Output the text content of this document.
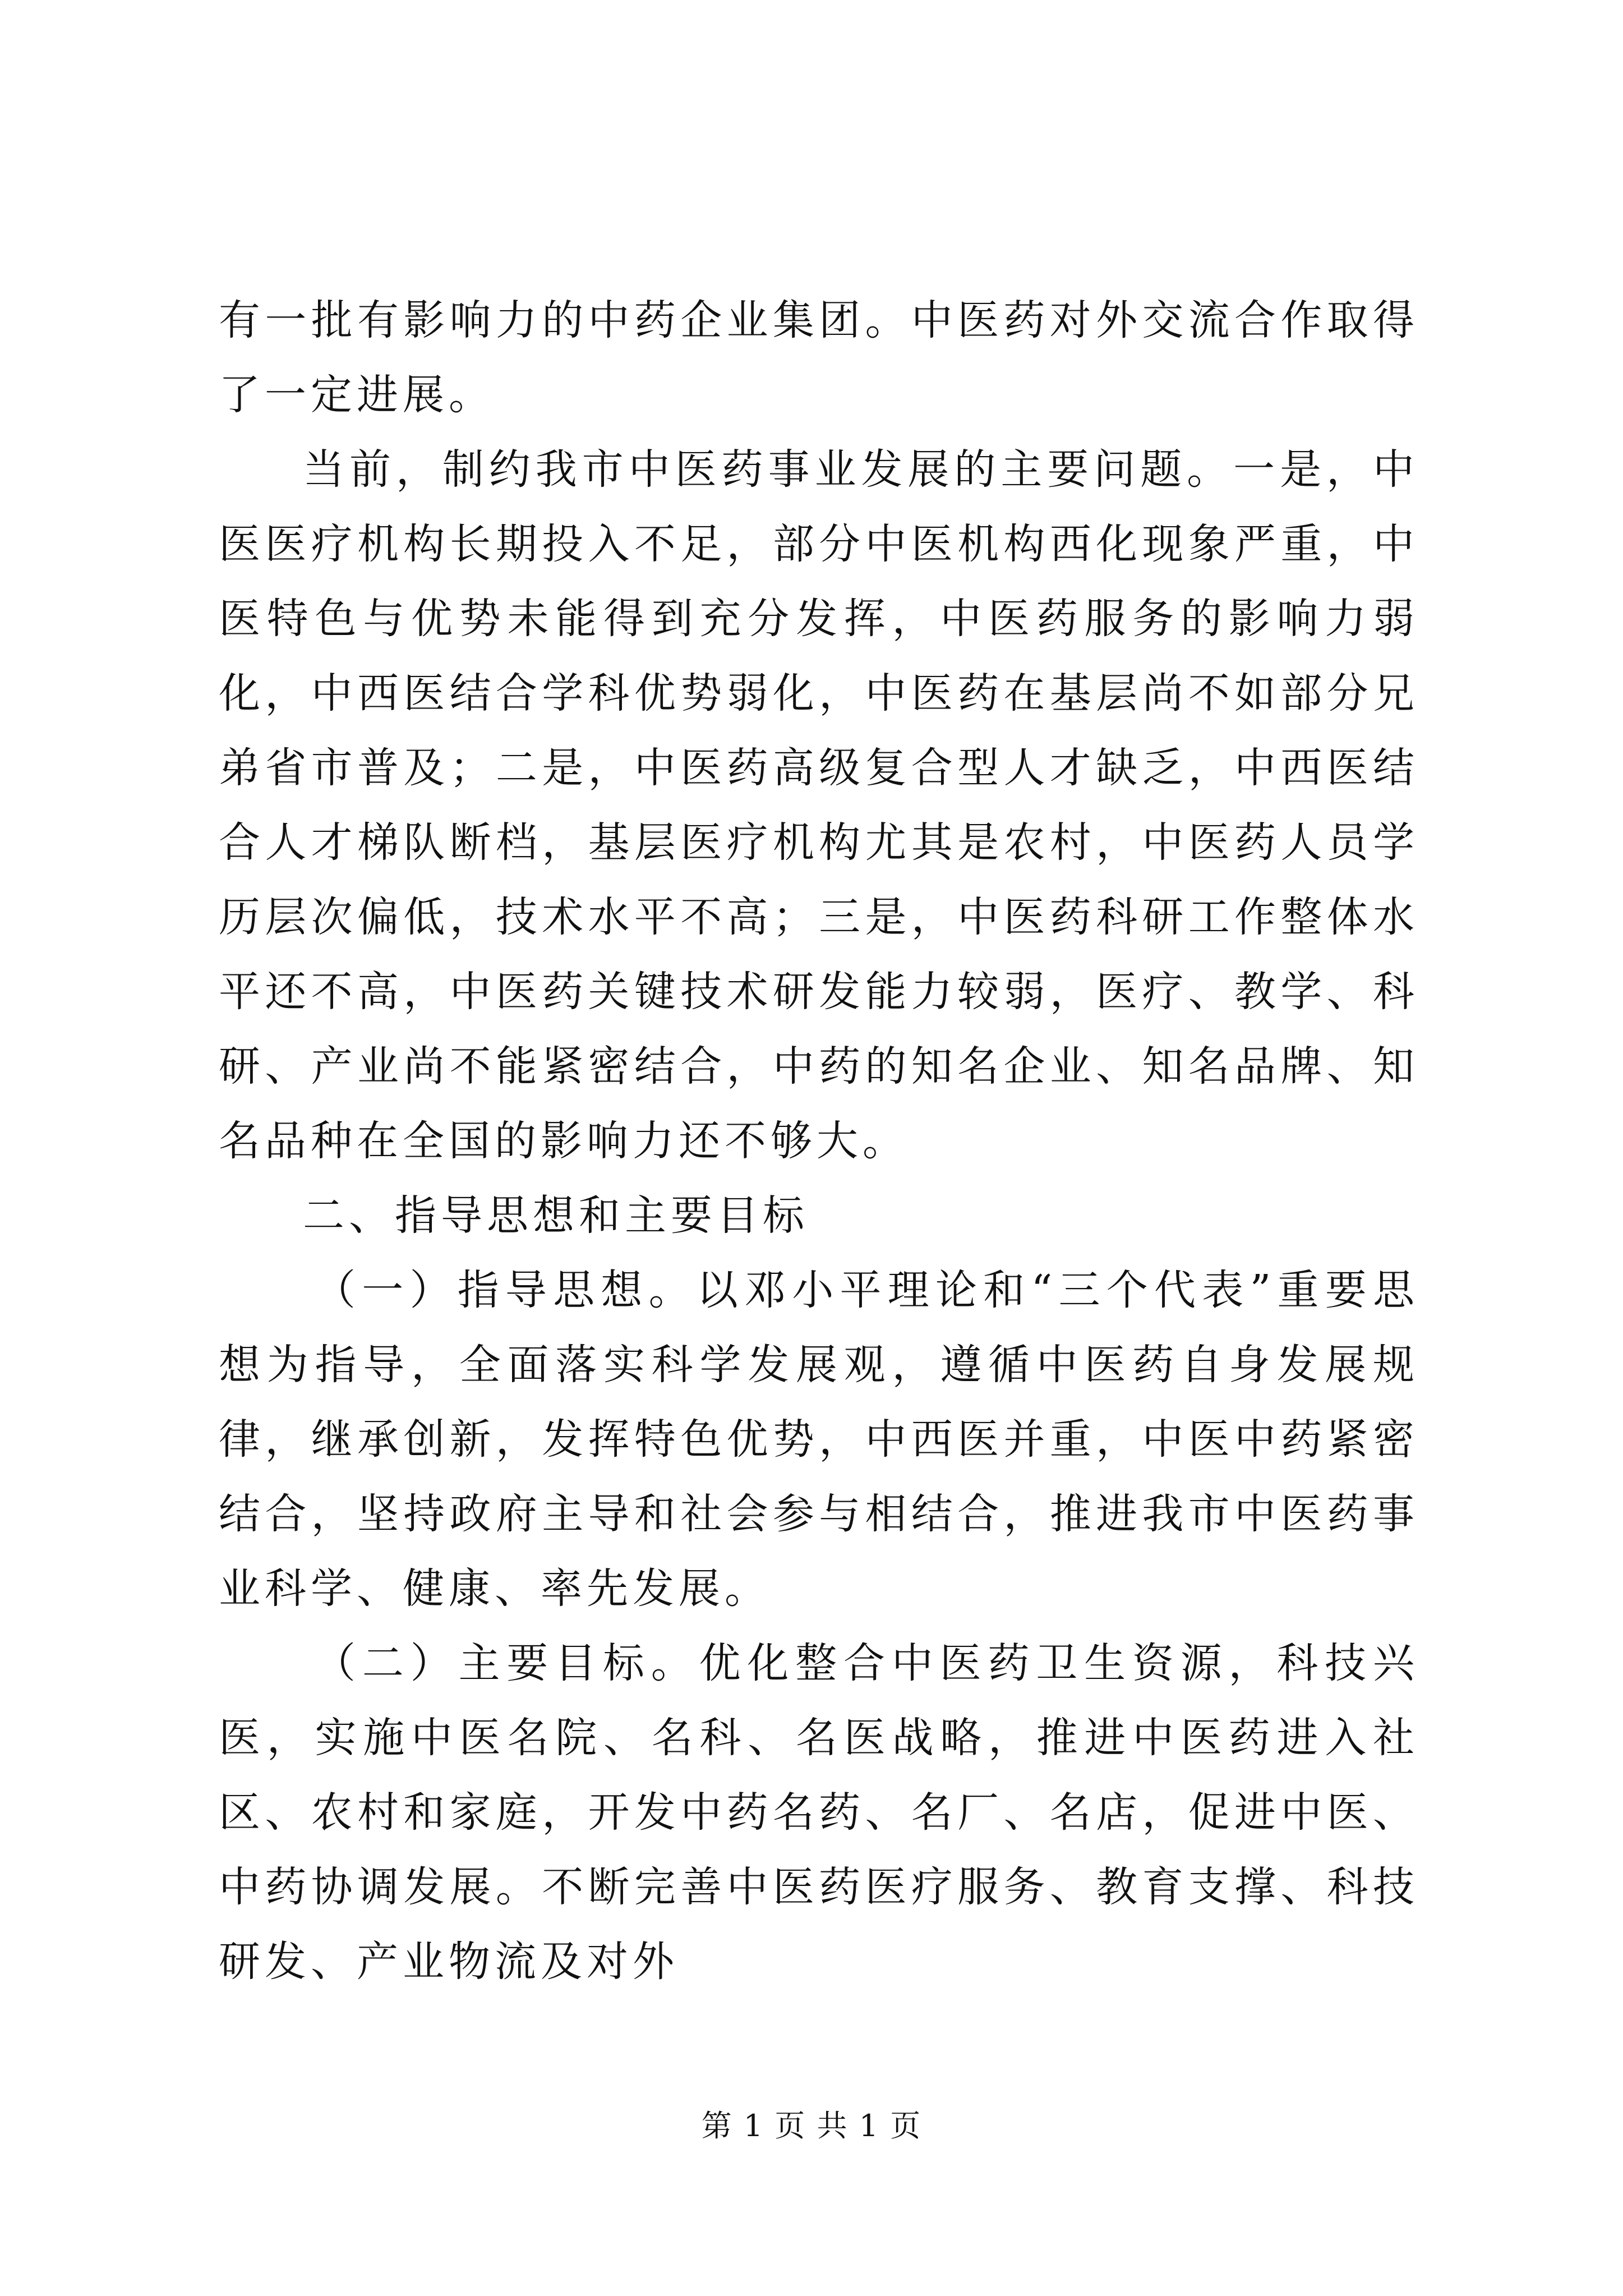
有一批有影响力的中药企业集团。中医药对外交流合作取得了一定进展。

当前，制约我市中医药事业发展的主要问题。一是，中医医疗机构长期投入不足，部分中医机构西化现象严重，中医特色与优势未能得到充分发挥，中医药服务的影响力弱化，中西医结合学科优势弱化，中医药在基层尚不如部分兄弟省市普及；二是，中医药高级复合型人才缺乏，中西医结合人才梯队断档，基层医疗机构尤其是农村，中医药人员学历层次偏低，技术水平不高；三是，中医药科研工作整体水平还不高，中医药关键技术研发能力较弱，医疗、教学、科研、产业尚不能紧密结合，中药的知名企业、知名品牌、知名品种在全国的影响力还不够大。

二、指导思想和主要目标

（一）指导思想。以邓小平理论和“三个代表”重要思想为指导，全面落实科学发展观，遵循中医药自身发展规律，继承创新，发挥特色优势，中西医并重，中医中药紧密结合，坚持政府主导和社会参与相结合，推进我市中医药事业科学、健康、率先发展。

（二）主要目标。优化整合中医药卫生资源，科技兴医，实施中医名院、名科、名医战略，推进中医药进入社区、农村和家庭，开发中药名药、名厂、名店，促进中医、中药协调发展。不断完善中医药医疗服务、教育支撑、科技研发、产业物流及对外

第 1 页 共 1 页
